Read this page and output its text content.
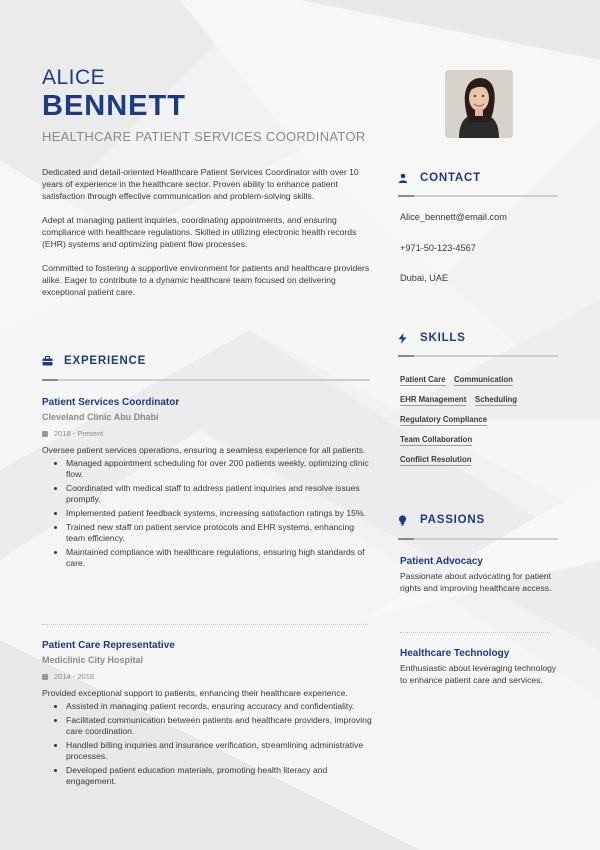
ALICE
BENNETT
HEALTHCARE PATIENT SERVICES COORDINATOR

Dedicated and detail-oriented Healthcare Patient Services Coordinator with over 10 years of experience in the healthcare sector. Proven ability to enhance patient satisfaction through effective communication and problem-solving skills.

Adept at managing patient inquiries, coordinating appointments, and ensuring compliance with healthcare regulations. Skilled in utilizing electronic health records (EHR) systems and optimizing patient flow processes.

Committed to fostering a supportive environment for patients and healthcare providers alike. Eager to contribute to a dynamic healthcare team focused on delivering exceptional patient care.

EXPERIENCE
Patient Services Coordinator
Cleveland Clinic Abu Dhabi
2018 - Present
Oversee patient services operations, ensuring a seamless experience for all patients.
• Managed appointment scheduling for over 200 patients weekly, optimizing clinic flow.
• Coordinated with medical staff to address patient inquiries and resolve issues promptly.
• Implemented patient feedback systems, increasing satisfaction ratings by 15%.
• Trained new staff on patient service protocols and EHR systems, enhancing team efficiency.
• Maintained compliance with healthcare regulations, ensuring high standards of care.
Patient Care Representative
Mediclinic City Hospital
2014 - 2018
Provided exceptional support to patients, enhancing their healthcare experience.
• Assisted in managing patient records, ensuring accuracy and confidentiality.
• Facilitated communication between patients and healthcare providers, improving care coordination.
• Handled billing inquiries and insurance verification, streamlining administrative processes.
• Developed patient education materials, promoting health literacy and engagement.
CONTACT
Alice_bennett@email.com
+971-50-123-4567
Dubai, UAE
SKILLS
Patient Care Communication
EHR Management Scheduling
Regulatory Compliance
Team Collaboration
Conflict Resolution
PASSIONS
Patient Advocacy
Passionate about advocating for patient rights and improving healthcare access.
Healthcare Technology
Enthusiastic about leveraging technology to enhance patient care and services.
